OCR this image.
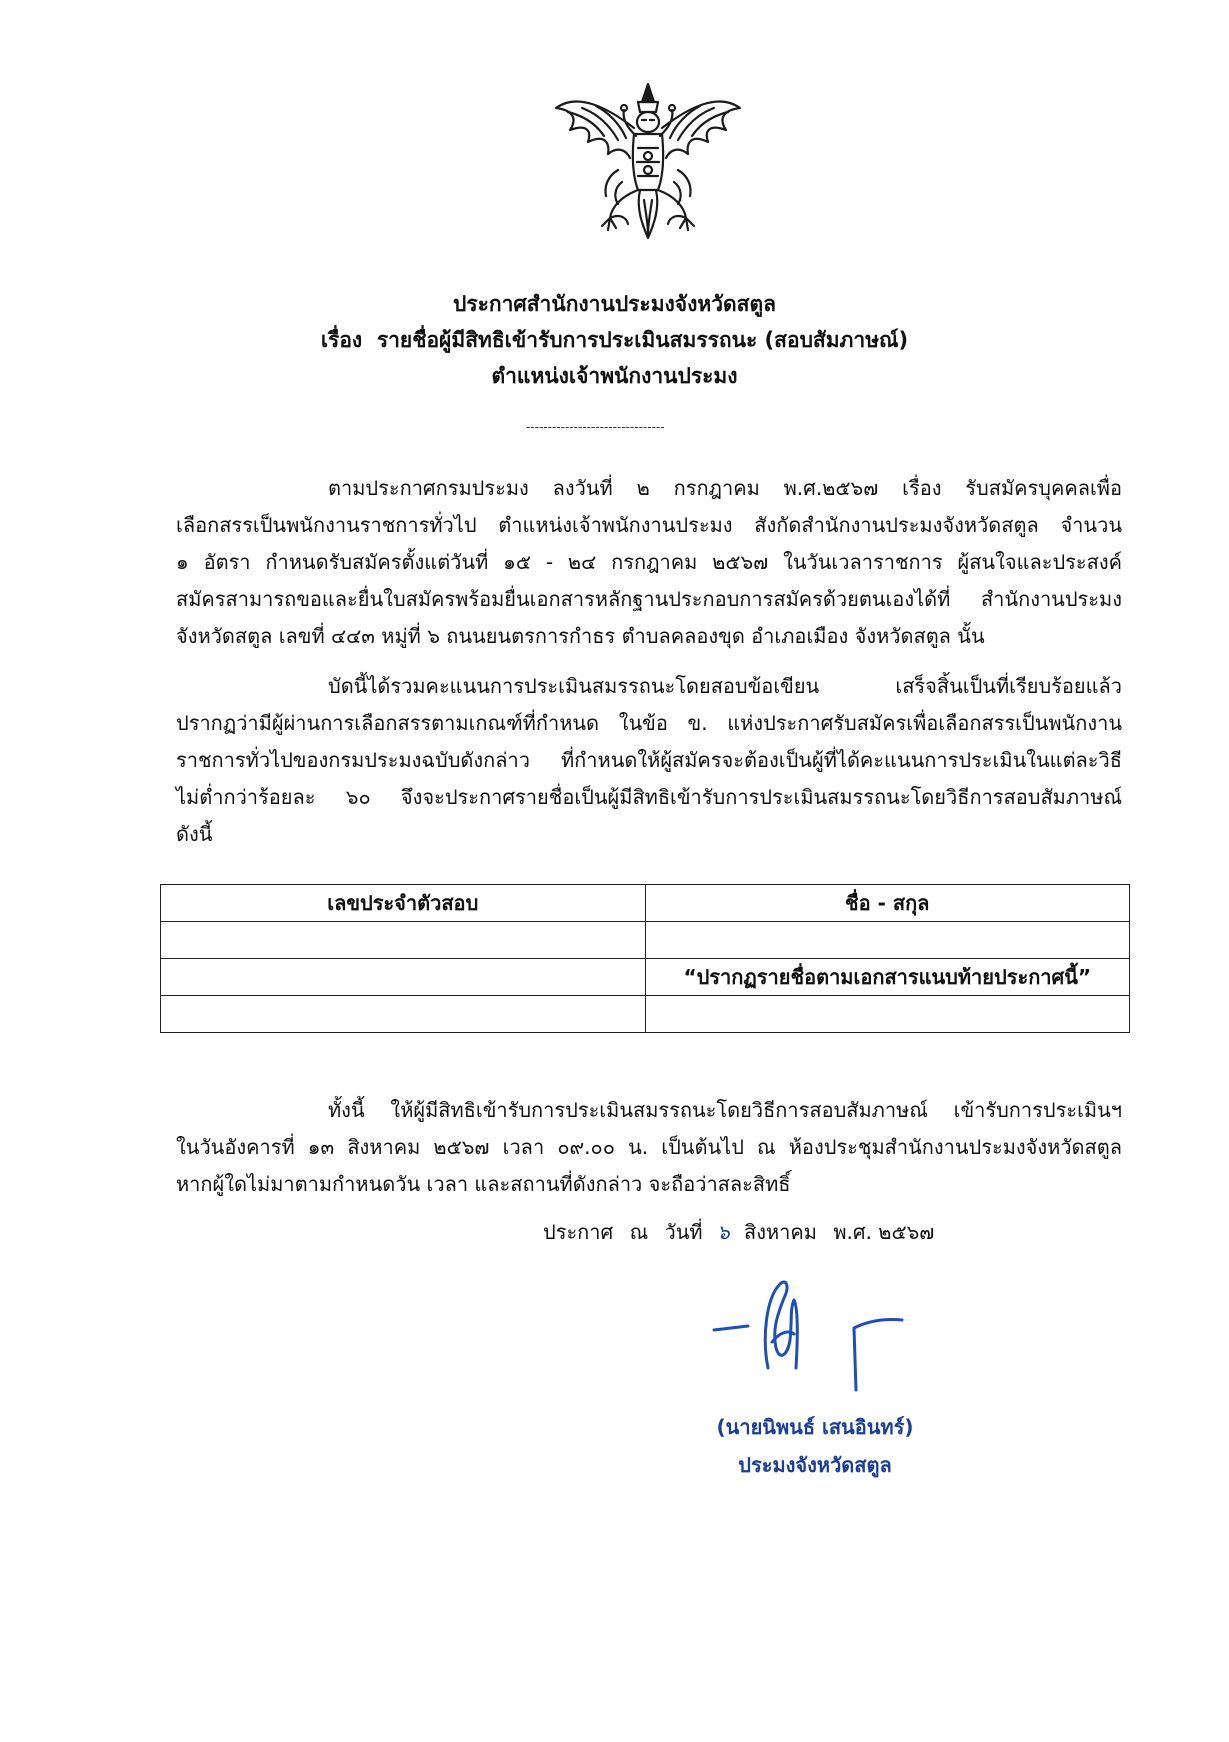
ประกาศสำนักงานประมงจังหวัดสตูล
เรื่อง รายชื่อผู้มีสิทธิเข้ารับการประเมินสมรรถนะ (สอบสัมภาษณ์)
ตำแหน่งเจ้าพนักงานประมง
--------------------------------
ตามประกาศกรมประมง ลงวันที่ ๒ กรกฎาคม พ.ศ.๒๕๖๗ เรื่อง รับสมัครบุคคลเพื่อ
เลือกสรรเป็นพนักงานราชการทั่วไป ตำแหน่งเจ้าพนักงานประมง สังกัดสำนักงานประมงจังหวัดสตูล จำนวน
๑ อัตรา กำหนดรับสมัครตั้งแต่วันที่ ๑๕ - ๒๔ กรกฎาคม ๒๕๖๗ ในวันเวลาราชการ ผู้สนใจและประสงค์
สมัครสามารถขอและยื่นใบสมัครพร้อมยื่นเอกสารหลักฐานประกอบการสมัครด้วยตนเองได้ที่ สำนักงานประมง
จังหวัดสตูล เลขที่ ๔๔๓ หมู่ที่ ๖ ถนนยนตรการกำธร ตำบลคลองขุด อำเภอเมือง จังหวัดสตูล นั้น
บัดนี้ได้รวมคะแนนการประเมินสมรรถนะโดยสอบข้อเขียน เสร็จสิ้นเป็นที่เรียบร้อยแล้ว
ปรากฏว่ามีผู้ผ่านการเลือกสรรตามเกณฑ์ที่กำหนด ในข้อ ข. แห่งประกาศรับสมัครเพื่อเลือกสรรเป็นพนักงาน
ราชการทั่วไปของกรมประมงฉบับดังกล่าว ที่กำหนดให้ผู้สมัครจะต้องเป็นผู้ที่ได้คะแนนการประเมินในแต่ละวิธี
ไม่ต่ำกว่าร้อยละ ๖๐ จึงจะประกาศรายชื่อเป็นผู้มีสิทธิเข้ารับการประเมินสมรรถนะโดยวิธีการสอบสัมภาษณ์
ดังนี้
เลขประจำตัวสอบ	ชื่อ - สกุล

	“ปรากฏรายชื่อตามเอกสารแนบท้ายประกาศนี้”

ทั้งนี้ ให้ผู้มีสิทธิเข้ารับการประเมินสมรรถนะโดยวิธีการสอบสัมภาษณ์ เข้ารับการประเมินฯ
ในวันอังคารที่ ๑๓ สิงหาคม ๒๕๖๗ เวลา ๐๙.๐๐ น. เป็นต้นไป ณ ห้องประชุมสำนักงานประมงจังหวัดสตูล
หากผู้ใดไม่มาตามกำหนดวัน เวลา และสถานที่ดังกล่าว จะถือว่าสละสิทธิ์
ประกาศ ณ วันที่ ๖ สิงหาคม พ.ศ. ๒๕๖๗
(นายนิพนธ์ เสนอินทร์)
ประมงจังหวัดสตูล
